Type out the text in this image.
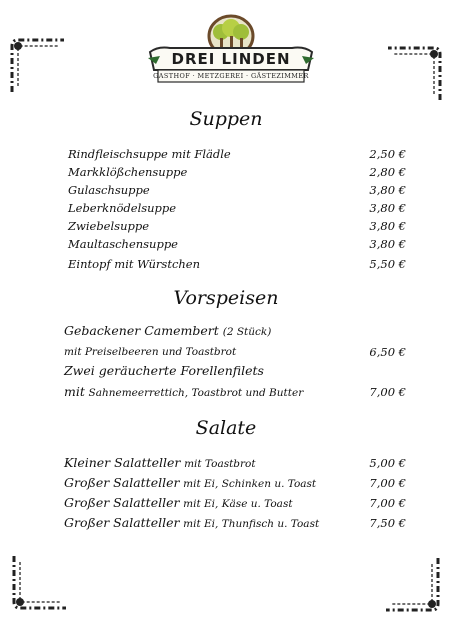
DREI LINDEN
GASTHOF · METZGEREI · GÄSTEZIMMER
Suppen
Rindfleischsuppe mit Flädle	2,50 €
Markklößchensuppe	2,80 €
Gulaschsuppe	3,80 €
Leberknödelsuppe	3,80 €
Zwiebelsuppe	3,80 €
Maultaschensuppe	3,80 €
Eintopf mit Würstchen	5,50 €
Vorspeisen
Gebackener Camembert (2 Stück)
mit Preiselbeeren und Toastbrot	6,50 €
Zwei geräucherte Forellenfilets
mit Sahnemeerrettich, Toastbrot und Butter	7,00 €
Salate
Kleiner Salatteller mit Toastbrot	5,00 €
Großer Salatteller mit Ei, Schinken u. Toast	7,00 €
Großer Salatteller mit Ei, Käse u. Toast	7,00 €
Großer Salatteller mit Ei, Thunfisch u. Toast	7,50 €
